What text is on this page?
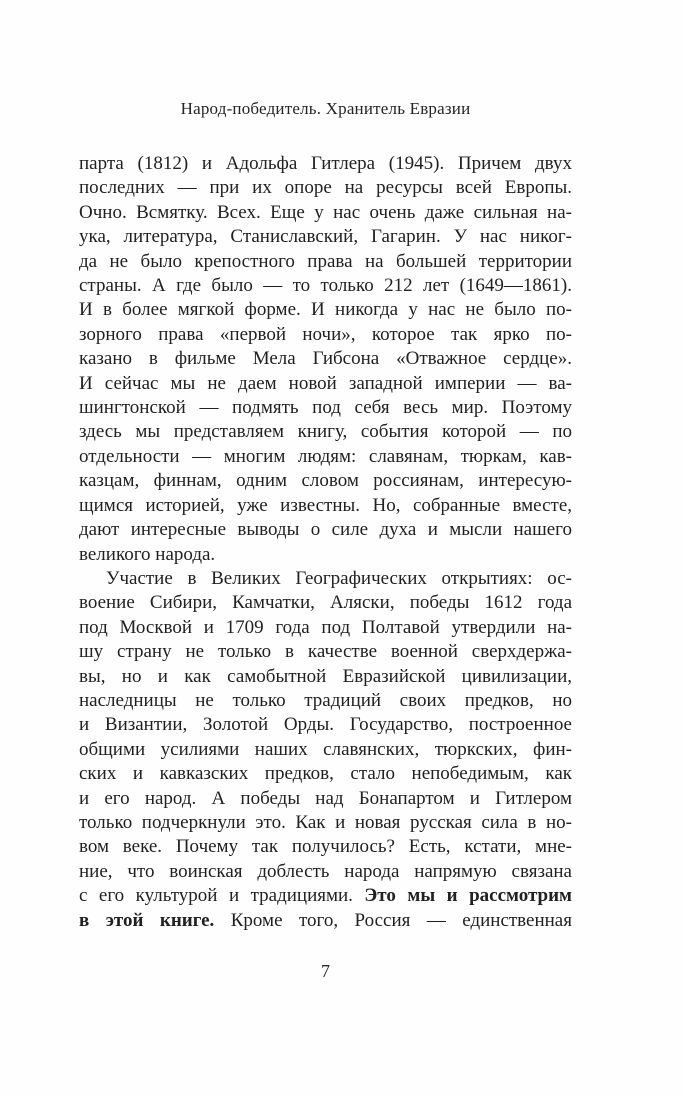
Народ-победитель. Хранитель Евразии
парта (1812) и Адольфа Гитлера (1945). Причем двух
последних — при их опоре на ресурсы всей Европы.
Очно. Всмятку. Всех. Еще у нас очень даже сильная на-
ука, литература, Станиславский, Гагарин. У нас никог-
да не было крепостного права на большей территории
страны. А где было — то только 212 лет (1649—1861).
И в более мягкой форме. И никогда у нас не было по-
зорного права «первой ночи», которое так ярко по-
казано в фильме Мела Гибсона «Отважное сердце».
И сейчас мы не даем новой западной империи — ва-
шингтонской — подмять под себя весь мир. Поэтому
здесь мы представляем книгу, события которой — по
отдельности — многим людям: славянам, тюркам, кав-
казцам, финнам, одним словом россиянам, интересую-
щимся историей, уже известны. Но, собранные вместе,
дают интересные выводы о силе духа и мысли нашего
великого народа.
Участие в Великих Географических открытиях: ос-
воение Сибири, Камчатки, Аляски, победы 1612 года
под Москвой и 1709 года под Полтавой утвердили на-
шу страну не только в качестве военной сверхдержа-
вы, но и как самобытной Евразийской цивилизации,
наследницы не только традиций своих предков, но
и Византии, Золотой Орды. Государство, построенное
общими усилиями наших славянских, тюркских, фин-
ских и кавказских предков, стало непобедимым, как
и его народ. А победы над Бонапартом и Гитлером
только подчеркнули это. Как и новая русская сила в но-
вом веке. Почему так получилось? Есть, кстати, мне-
ние, что воинская доблесть народа напрямую связана
с его культурой и традициями. Это мы и рассмотрим
в этой книге. Кроме того, Россия — единственная
7
